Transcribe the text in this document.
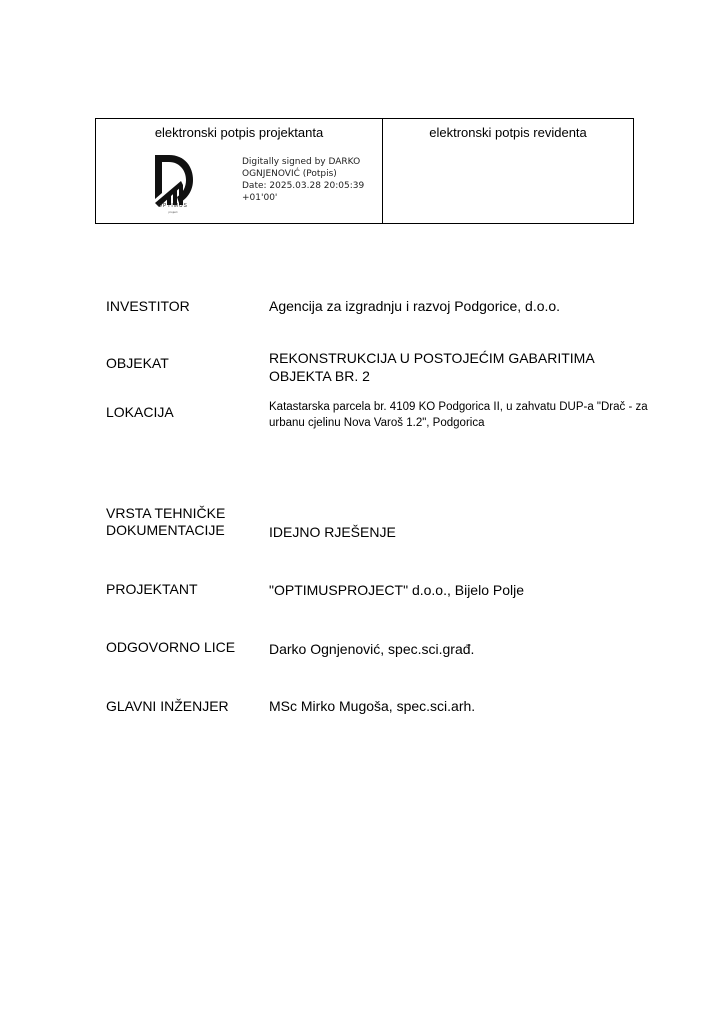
elektronski potpis projektanta
OPTIMUS
project
Digitally signed by DARKO
OGNJENOVIĆ (Potpis)
Date: 2025.03.28 20:05:39
+01'00'
elektronski potpis revidenta
INVESTITOR	Agencija za izgradnju i razvoj Podgorice, d.o.o.
OBJEKAT	REKONSTRUKCIJA U POSTOJEĆIM GABARITIMA
OBJEKTA BR. 2
LOKACIJA	Katastarska parcela br. 4109 KO Podgorica II, u zahvatu DUP-a "Drač - za
urbanu cjelinu Nova Varoš 1.2", Podgorica
VRSTA TEHNIČKE
DOKUMENTACIJE	IDEJNO RJEŠENJE
PROJEKTANT	"OPTIMUSPROJECT" d.o.o., Bijelo Polje
ODGOVORNO LICE Darko Ognjenović, spec.sci.građ.
GLAVNI INŽENJER	MSc Mirko Mugoša, spec.sci.arh.
